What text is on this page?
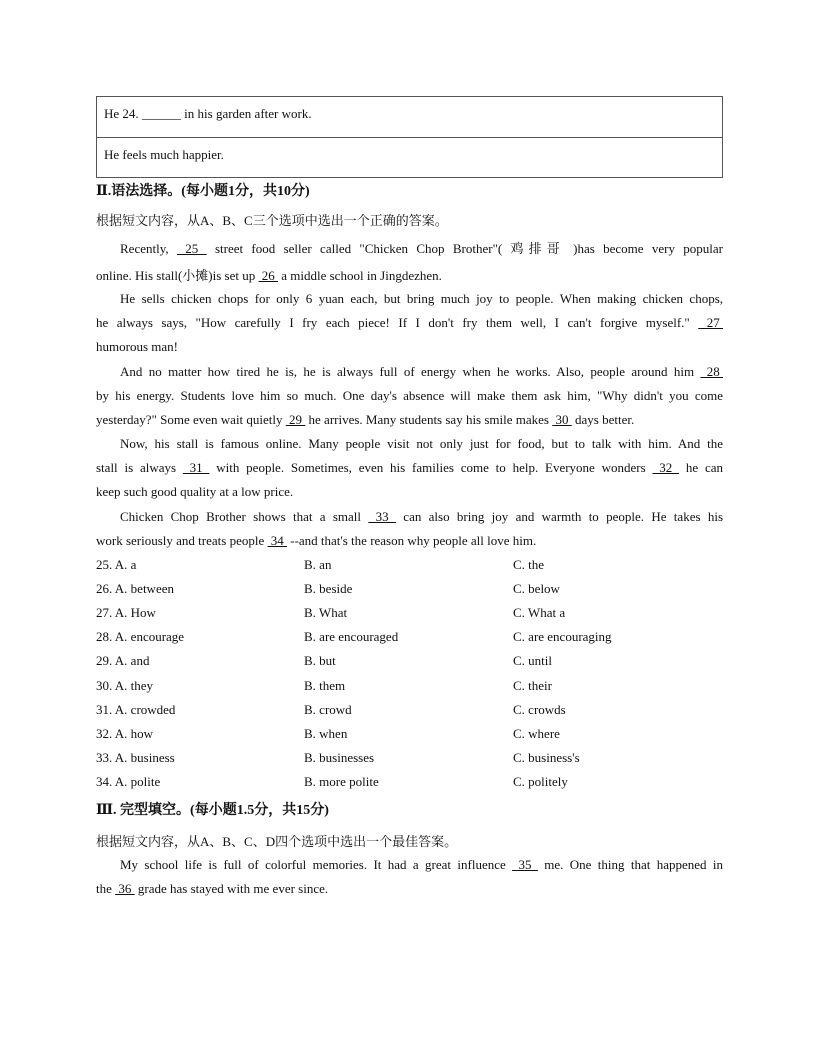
He 24. ______ in his garden after work.
He feels much happier.
Ⅱ.语法选择。(每小题1分，共10分)
根据短文内容，从A、B、C三个选项中选出一个正确的答案。
Recently,  25  street food seller called "Chicken Chop Brother"( 鸡排哥 )has become very popular
online. His stall(小摊)is set up  26  a middle school in Jingdezhen.
He sells chicken chops for only 6 yuan each, but bring much joy to people. When making chicken chops,
he always says, "How carefully I fry each piece! If I don't fry them well, I can't forgive myself."  27
humorous man!
And no matter how tired he is, he is always full of energy when he works. Also, people around him  28
by his energy. Students love him so much. One day's absence will make them ask him, "Why didn't you come
yesterday?" Some even wait quietly  29  he arrives. Many students say his smile makes  30  days better.
Now, his stall is famous online. Many people visit not only just for food, but to talk with him. And the
stall is always  31  with people. Sometimes, even his families come to help. Everyone wonders  32  he can
keep such good quality at a low price.
Chicken Chop Brother shows that a small  33  can also bring joy and warmth to people. He takes his
work seriously and treats people  34  --and that's the reason why people all love him.
25. A. a	B. an	C. the
26. A. between	B. beside	C. below
27. A. How	B. What	C. What a
28. A. encourage	B. are encouraged	C. are encouraging
29. A. and	B. but	C. until
30. A. they	B. them	C. their
31. A. crowded	B. crowd	C. crowds
32. A. how	B. when	C. where
33. A. business	B. businesses	C. business's
34. A. polite	B. more polite	C. politely
Ⅲ. 完型填空。(每小题1.5分，共15分)
根据短文内容，从A、B、C、D四个选项中选出一个最佳答案。
My school life is full of colorful memories. It had a great influence  35  me. One thing that happened in
the  36  grade has stayed with me ever since.
